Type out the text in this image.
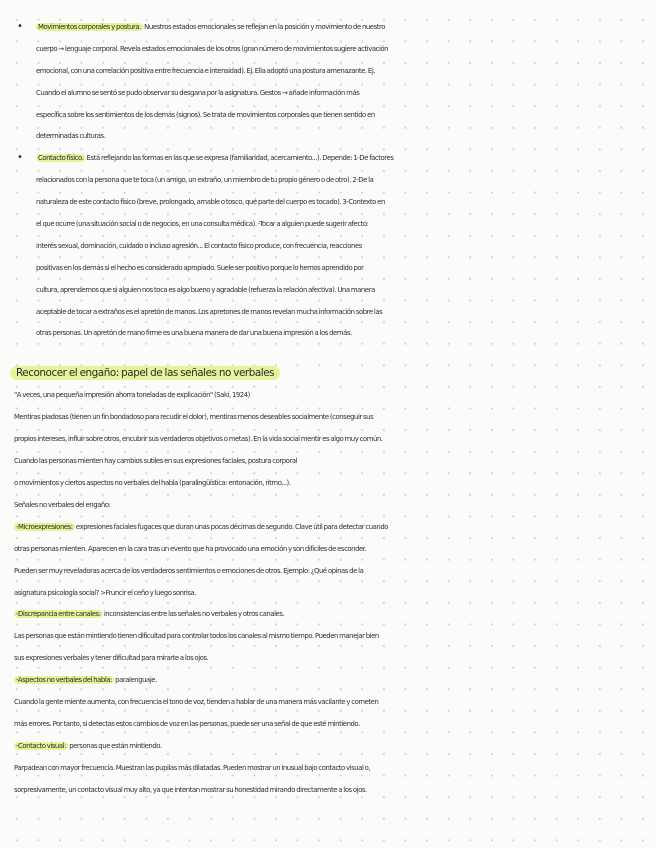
•	Movimientos corporales y postura. Nuestros estados emocionales se reflejan en la posición y movimiento de nuestro
cuerpo → lenguaje corporal. Revela estados emocionales de los otros (gran número de movimientos sugiere activación
emocional, con una correlación positiva entre frecuencia e intensidad). Ej. Ella adoptó una postura amenazante. Ej.
Cuando el alumno se sentó se pudo observar su desgana por la asignatura. Gestos → añade información más
específica sobre los sentimientos de los demás (signos). Se trata de movimientos corporales que tienen sentido en
determinadas culturas.
•	Contacto físico. Está reflejando las formas en las que se expresa (familiaridad, acercamiento...). Depende: 1-De factores
relacionados con la persona que te toca (un amigo, un extraño, un miembro de tu propio género o de otro). 2-De la
naturaleza de este contacto físico (breve, prolongado, amable o tosco, qué parte del cuerpo es tocado). 3-Contexto en
el que ocurre (una situación social o de negocios, en una consulta médica). -Tocar a alguien puede sugerir afecto:
interés sexual, dominación, cuidado o incluso agresión... El contacto físico produce, con frecuencia, reacciones
positivas en los demás si el hecho es considerado apropiado. Suele ser positivo porque lo hemos aprendido por
cultura, aprendemos que si alguien nos toca es algo bueno y agradable (refuerza la relación afectiva). Una manera
aceptable de tocar a extraños es el apretón de manos. Los apretones de manos revelan mucha información sobre las
otras personas. Un apretón de mano firme es una buena manera de dar una buena impresión a los demás.
Reconocer el engaño: papel de las señales no verbales
"A veces, una pequeña impresión ahorra toneladas de explicación" (Saki, 1924)
Mentiras piadosas (tienen un fin bondadoso para recudir el dolor), mentiras menos deseables socialmente (conseguir sus
propios intereses, influir sobre otros, encubrir sus verdaderos objetivos o metas). En la vida social mentir es algo muy común.
Cuando las personas mienten hay cambios sutiles en sus expresiones faciales, postura corporal
o movimientos y ciertos aspectos no verbales del habla (paralingüística: entonación, ritmo...).
Señales no verbales del engaño:
-Microexpresiones: expresiones faciales fugaces que duran unas pocas décimas de segundo. Clave útil para detectar cuando
otras personas mienten. Aparecen en la cara tras un evento que ha provocado una emoción y son difíciles de esconder.
Pueden ser muy reveladoras acerca de los verdaderos sentimientos o emociones de otros. Ejemplo: ¿Qué opinas de la
asignatura psicología social? >Fruncir el ceño y luego sonrisa.
-Discrepancia entre canales: inconsistencias entre las señales no verbales y otros canales.
Las personas que están mintiendo tienen dificultad para controlar todos los canales al mismo tiempo. Pueden manejar bien
sus expresiones verbales y tener dificultad para mirarte a los ojos.
-Aspectos no verbales del habla: paralenguaje.
Cuando la gente miente aumenta, con frecuencia el tono de voz, tienden a hablar de una manera más vacilante y cometen
más errores. Por tanto, si detectas estos cambios de voz en las personas, puede ser una señal de que esté mintiendo.
-Contacto visual: personas que están mintiendo.
Parpadean con mayor frecuencia. Muestran las pupilas más dilatadas. Pueden mostrar un inusual bajo contacto visual o,
sorpresivamente, un contacto visual muy alto, ya que intentan mostrar su honestidad mirando directamente a los ojos.
